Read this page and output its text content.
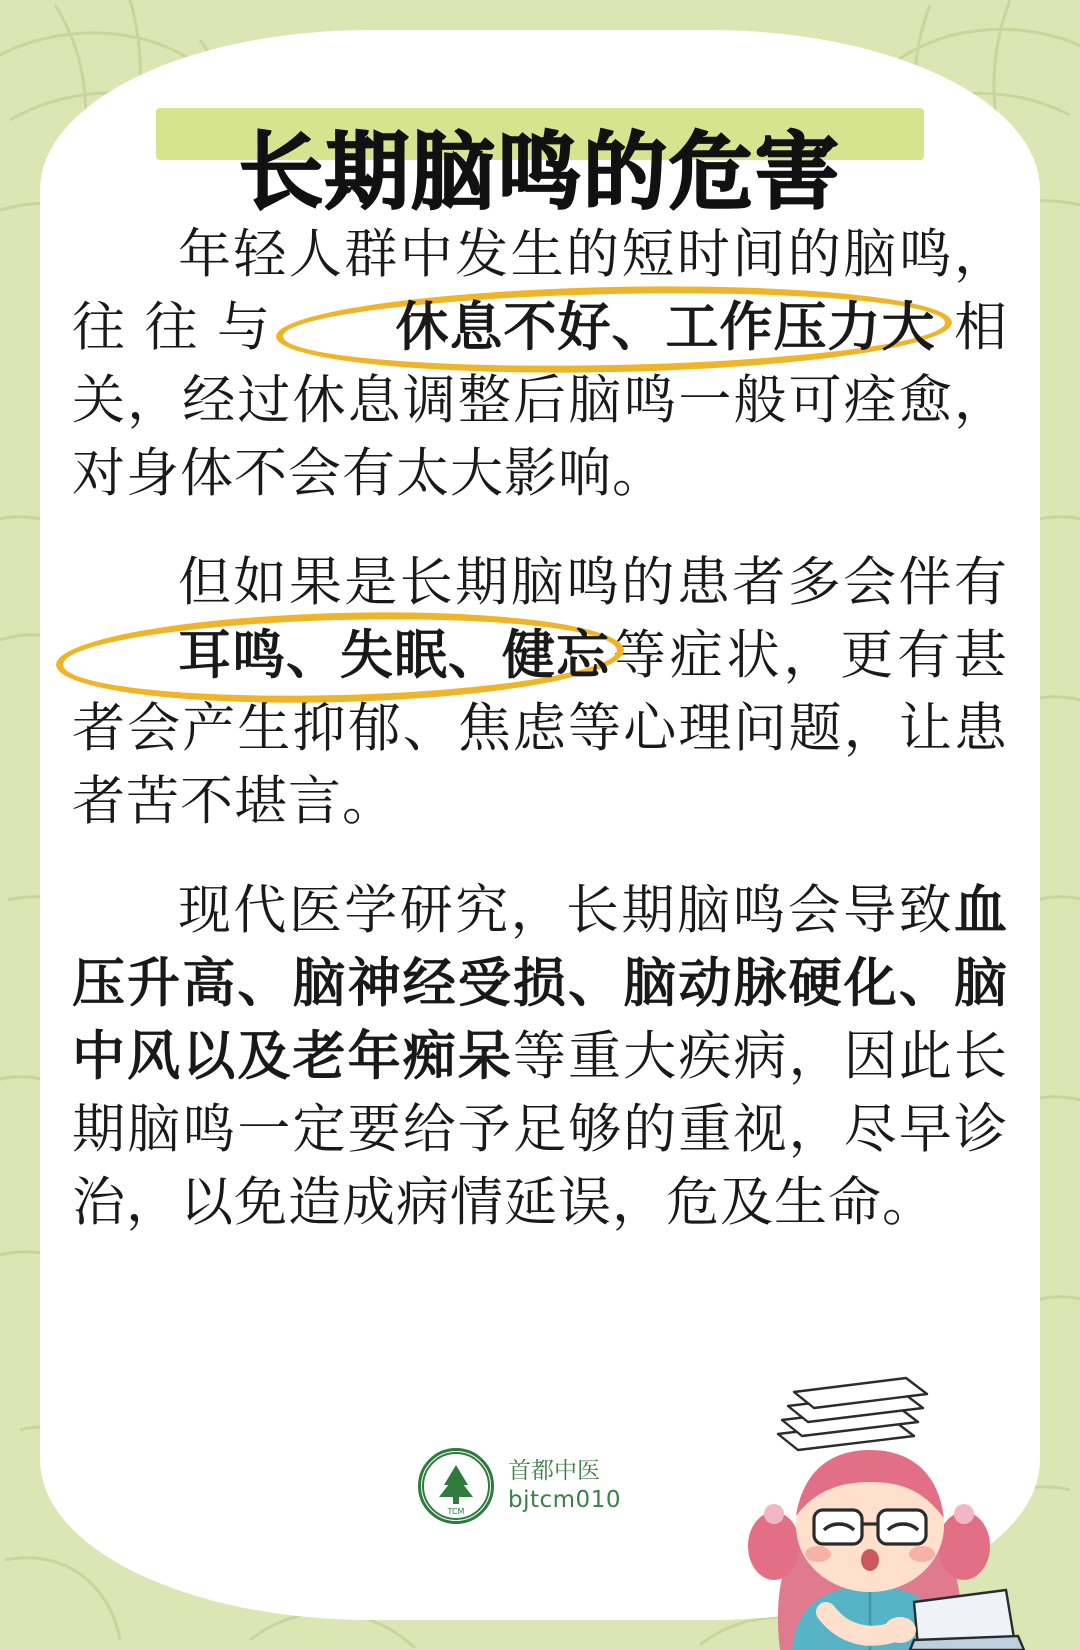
长期脑鸣的危害

年轻人群中发生的短时间的脑鸣，往往与 休息不好、工作压力大相关，经过休息调整后脑鸣一般可痊愈，对身体不会有太大影响。

但如果是长期脑鸣的患者多会伴有
耳鸣、失眠、健忘等症状，更有甚者会产生抑郁、焦虑等心理问题，让患者苦不堪言。

现代医学研究，长期脑鸣会导致血压升高、脑神经受损、脑动脉硬化、脑中风以及老年痴呆等重大疾病，因此长期脑鸣一定要给予足够的重视，尽早诊治，以免造成病情延误，危及生命。

TCM
首都中医
bjtcm010
